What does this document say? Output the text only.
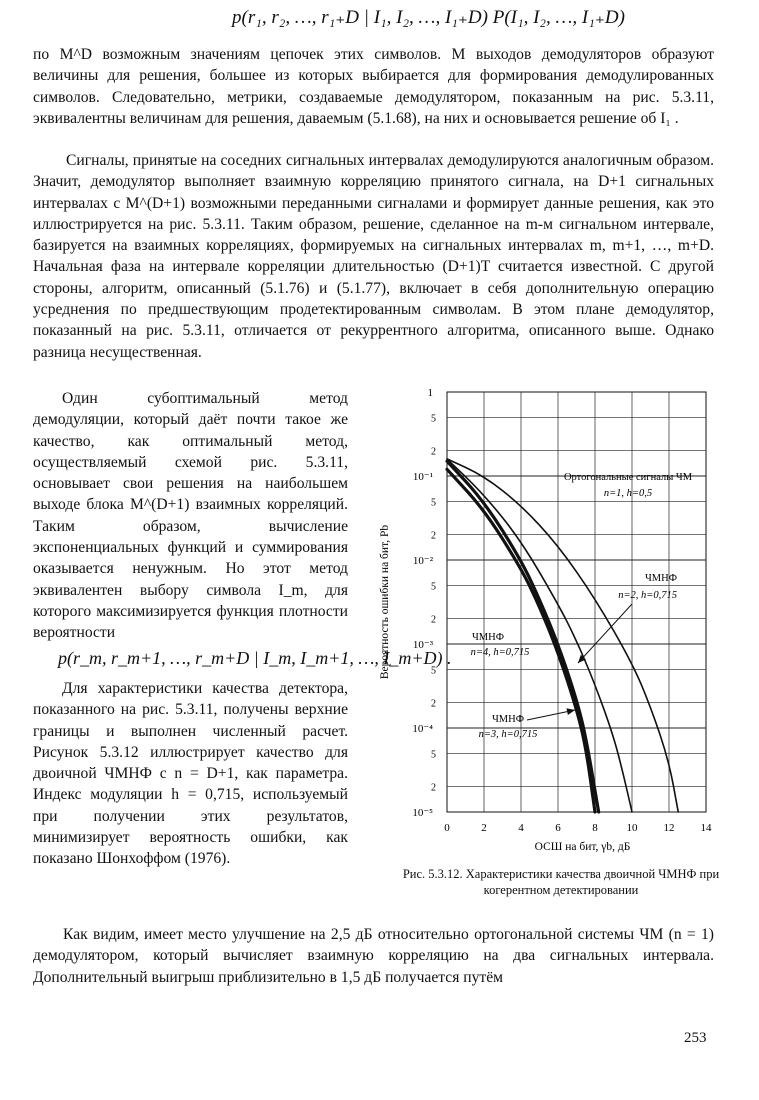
p(r₁, r₂, …, r₁₊D | I₁, I₂, …, I₁₊D) P(I₁, I₂, …, I₁₊D)

по M^D возможным значениям цепочек этих символов. M выходов демодуляторов образуют величины для решения, большее из которых выбирается для формирования демодулированных символов. Следовательно, метрики, создаваемые демодулятором, показанным на рис. 5.3.11, эквивалентны величинам для решения, даваемым (5.1.68), на них и основывается решение об I₁ .

Сигналы, принятые на соседних сигнальных интервалах демодулируются аналогичным образом. Значит, демодулятор выполняет взаимную корреляцию принятого сигнала, на D+1 сигнальных интервалах с M^(D+1) возможными переданными сигналами и формирует данные решения, как это иллюстрируется на рис. 5.3.11. Таким образом, решение, сделанное на m-м сигнальном интервале, базируется на взаимных корреляциях, формируемых на сигнальных интервалах m, m+1, …, m+D. Начальная фаза на интервале корреляции длительностью (D+1)T считается известной. С другой стороны, алгоритм, описанный (5.1.76) и (5.1.77), включает в себя дополнительную операцию усреднения по предшествующим продетектированным символам. В этом плане демодулятор, показанный на рис. 5.3.11, отличается от рекуррентного алгоритма, описанного выше. Однако разница несущественная.

Один субоптимальный метод демодуляции, который даёт почти такое же качество, как оптимальный метод, осуществляемый схемой рис. 5.3.11, основывает свои решения на наибольшем выходе блока M^(D+1) взаимных корреляций. Таким образом, вычисление экспоненциальных функций и суммирования оказывается ненужным. Но этот метод эквивалентен выбору символа I_m, для которого максимизируется функция плотности вероятности

p(r_m, r_m+1, …, r_m+D | I_m, I_m+1, …, I_m+D) .

Для характеристики качества детектора, показанного на рис. 5.3.11, получены верхние границы и выполнен численный расчет. Рисунок 5.3.12 иллюстрирует качество для двоичной ЧМНФ с n = D+1, как параметра. Индекс модуляции h = 0,715, используемый при получении этих результатов, минимизирует вероятность ошибки, как показано Шонхоффом (1976).

0	2	4	6	8	10 12 14
1
5
2
10⁻¹
5
2
10⁻²
5
2
10⁻³
5
2
10⁻⁴
5
2
10⁻⁵
ОСШ на бит, γb, дБ
Вероятность ошибки на бит, Pb
Ортогональные сигналы ЧМ
n=1, h=0,5
ЧМНФ
n=2, h=0,715
ЧМНФ
n=4, h=0,715
ЧМНФ
n=3, h=0,715
Рис. 5.3.12. Характеристики качества двоичной ЧМНФ при когерентном детектировании

Как видим, имеет место улучшение на 2,5 дБ относительно ортогональной системы ЧМ (n = 1) демодулятором, который вычисляет взаимную корреляцию на два сигнальных интервала. Дополнительный выигрыш приблизительно в 1,5 дБ получается путём

253
